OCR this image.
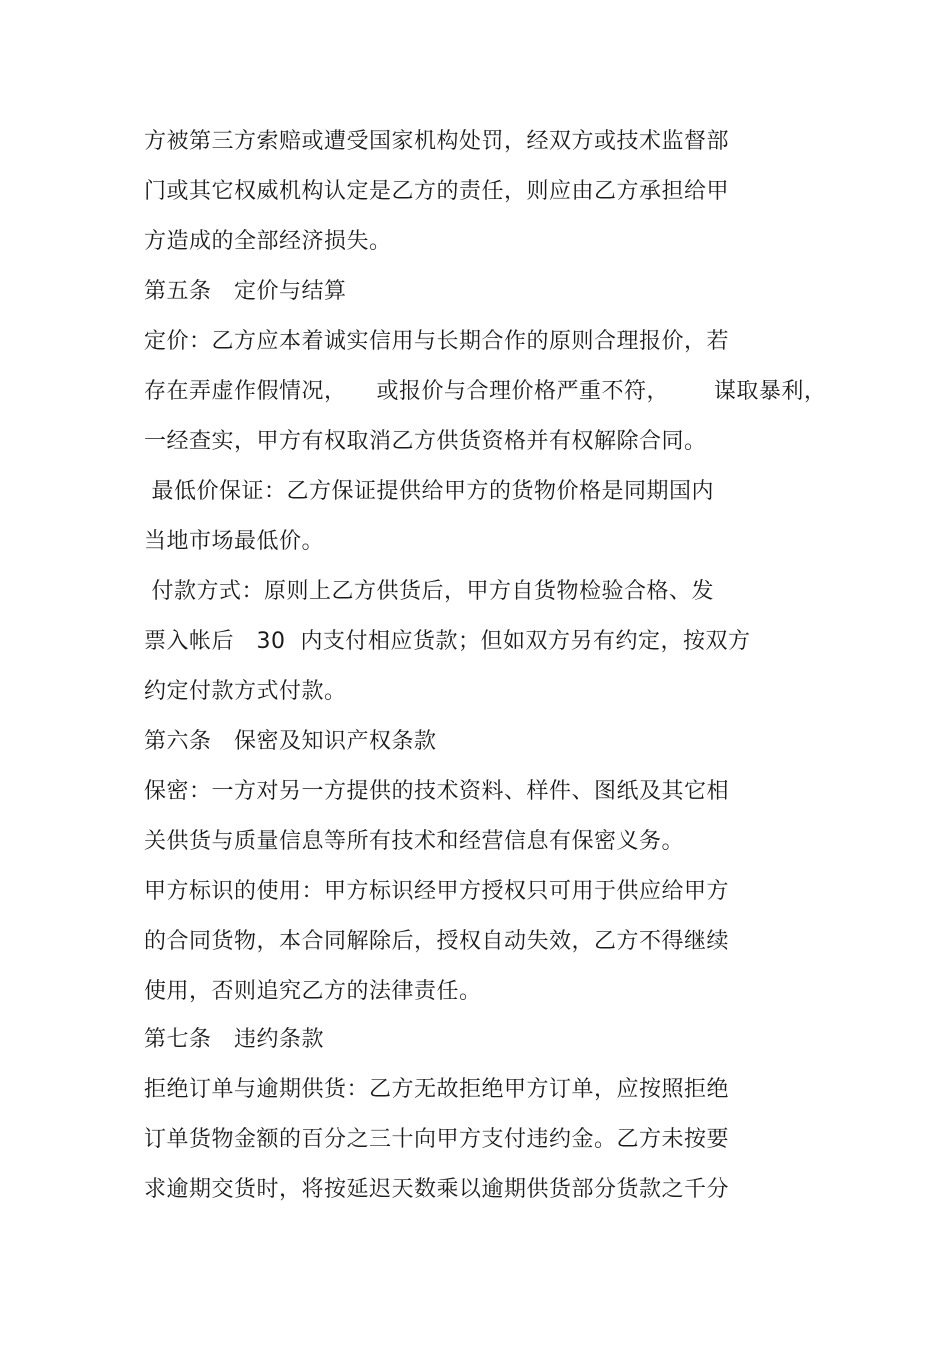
方被第三方索赔或遭受国家机构处罚，经双方或技术监督部
门或其它权威机构认定是乙方的责任，则应由乙方承担给甲
方造成的全部经济损失。
第五条   定价与结算
定价：乙方应本着诚实信用与长期合作的原则合理报价，若
存在弄虚作假情况，    或报价与合理价格严重不符，      谋取暴利，
一经查实，甲方有权取消乙方供货资格并有权解除合同。
最低价保证：乙方保证提供给甲方的货物价格是同期国内
当地市场最低价。
付款方式：原则上乙方供货后，甲方自货物检验合格、发
票入帐后   30  内支付相应货款；但如双方另有约定，按双方
约定付款方式付款。
第六条   保密及知识产权条款
保密：一方对另一方提供的技术资料、样件、图纸及其它相
关供货与质量信息等所有技术和经营信息有保密义务。
甲方标识的使用：甲方标识经甲方授权只可用于供应给甲方
的合同货物，本合同解除后，授权自动失效，乙方不得继续
使用，否则追究乙方的法律责任。
第七条   违约条款
拒绝订单与逾期供货：乙方无故拒绝甲方订单，应按照拒绝
订单货物金额的百分之三十向甲方支付违约金。乙方未按要
求逾期交货时，将按延迟天数乘以逾期供货部分货款之千分
